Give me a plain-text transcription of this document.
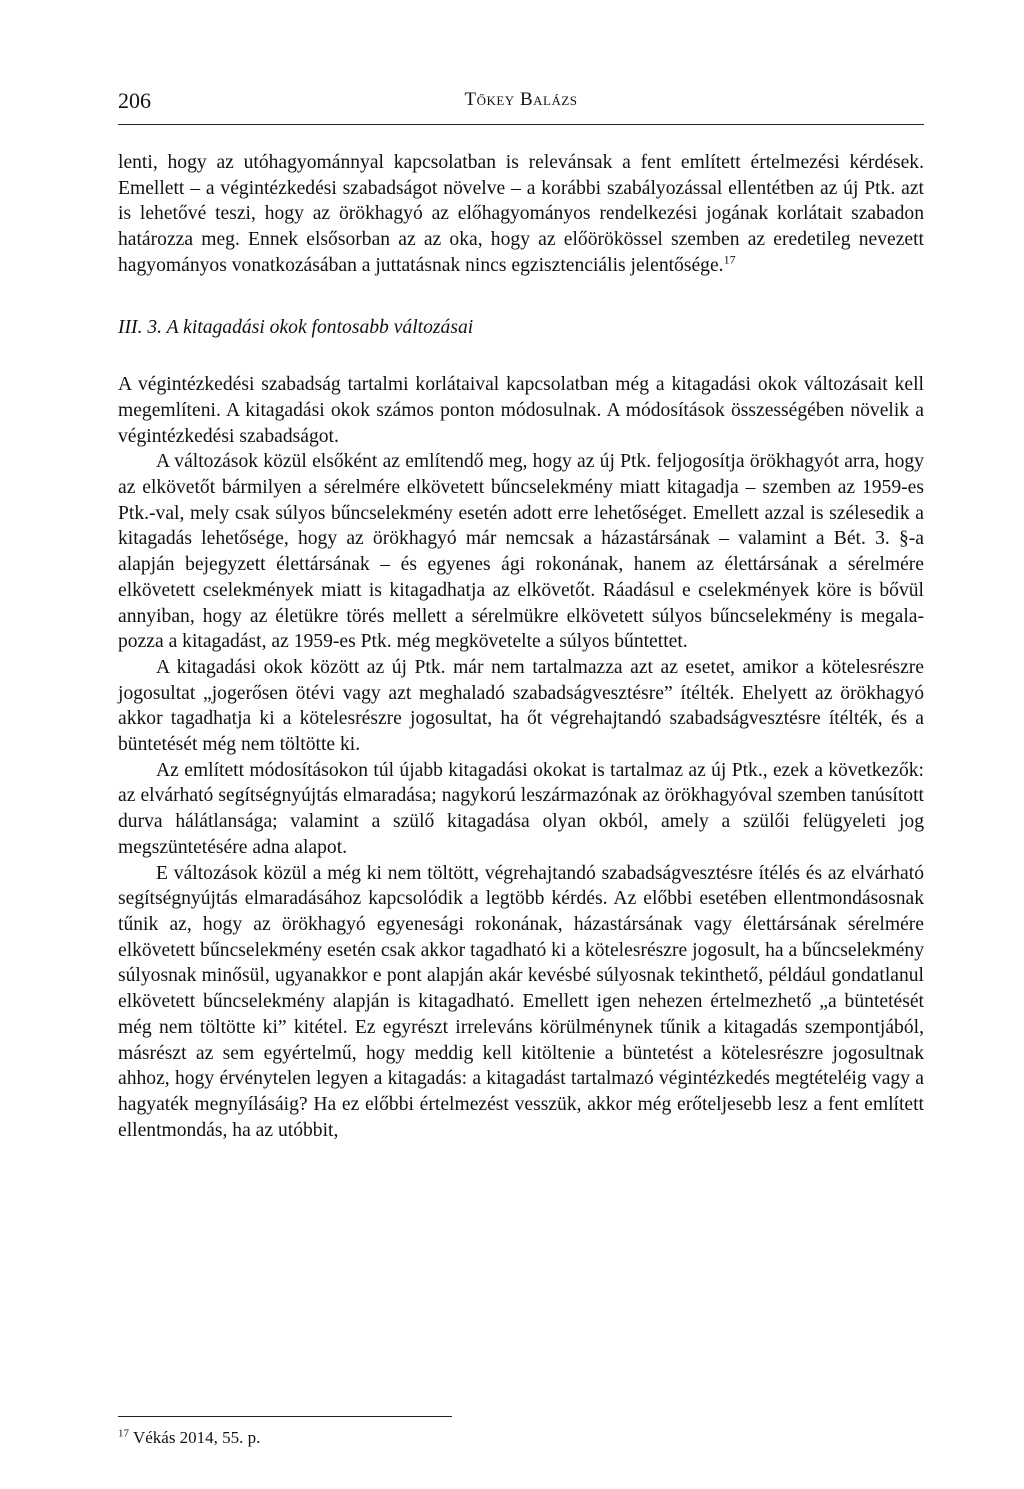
206	Tőkey Balázs

lenti, hogy az utóhagyománnyal kapcsolatban is relevánsak a fent említett értelmezési kérdések. Emellett – a végintézkedési szabadságot növelve – a korábbi szabályozással ellentétben az új Ptk. azt is lehetővé teszi, hogy az örökhagyó az előhagyományos rendelkezési jogának korlátait szabadon határozza meg. Ennek elsősorban az az oka, hogy az előörökössel szemben az eredetileg nevezett hagyományos vonatkozásában a juttatásnak nincs egzisztenciális jelentősége.$^{17}$

III. 3. A kitagadási okok fontosabb változásai

A végintézkedési szabadság tartalmi korlátaival kapcsolatban még a kitagadási okok változásait kell megemlíteni. A kitagadási okok számos ponton módosulnak. A módosítások összességében növelik a végintézkedési szabadságot.

A változások közül elsőként az említendő meg, hogy az új Ptk. feljogosítja örökhagyót arra, hogy az elkövetőt bármilyen a sérelmére elkövetett bűncselekmény miatt kitagadja – szemben az 1959-es Ptk.-val, mely csak súlyos bűncselekmény esetén adott erre lehetőséget. Emellett azzal is szélesedik a kitagadás lehetősége, hogy az örökhagyó már nemcsak a házastársának – valamint a Bét. 3. §-a alapján bejegyzett élettársának – és egyenes ági rokonának, hanem az élettársának a sérelmére elkövetett cselekmények miatt is kitagadhatja az elkövetőt. Ráadásul e cselekmények köre is bővül annyiban, hogy az életükre törés mellett a sérelmükre elkövetett súlyos bűncselekmény is megalapozza a kitagadást, az 1959-es Ptk. még megkövetelte a súlyos bűntettet.

A kitagadási okok között az új Ptk. már nem tartalmazza azt az esetet, amikor a kötelesrészre jogosultat „jogerősen ötévi vagy azt meghaladó szabadságvesztésre” ítélték. Ehelyett az örökhagyó akkor tagadhatja ki a kötelesrészre jogosultat, ha őt végrehajtandó szabadságvesztésre ítélték, és a büntetését még nem töltötte ki.

Az említett módosításokon túl újabb kitagadási okokat is tartalmaz az új Ptk., ezek a következők: az elvárható segítségnyújtás elmaradása; nagykorú leszármazónak az örökhagyóval szemben tanúsított durva hálátlansága; valamint a szülő kitagadása olyan okból, amely a szülői felügyeleti jog megszüntetésére adna alapot.

E változások közül a még ki nem töltött, végrehajtandó szabadságvesztésre ítélés és az elvárható segítségnyújtás elmaradásához kapcsolódik a legtöbb kérdés. Az előbbi esetében ellentmondásosnak tűnik az, hogy az örökhagyó egyenesági rokonának, házastársának vagy élettársának sérelmére elkövetett bűncselekmény esetén csak akkor tagadható ki a kötelesrészre jogosult, ha a bűncselekmény súlyosnak minősül, ugyanakkor e pont alapján akár kevésbé súlyosnak tekinthető, például gondatlanul elkövetett bűncselekmény alapján is kitagadható. Emellett igen nehezen értelmezhető „a büntetését még nem töltötte ki” kitétel. Ez egyrészt irreleváns körülménynek tűnik a kitagadás szempontjából, másrészt az sem egyértelmű, hogy meddig kell kitöltenie a büntetést a kötelesrészre jogosultnak ahhoz, hogy érvénytelen legyen a kitagadás: a kitagadást tartalmazó végintézkedés megtételéig vagy a hagyaték megnyílásáig? Ha ez előbbi értelmezést vesszük, akkor még erőteljesebb lesz a fent említett ellentmondás, ha az utóbbit,

$^{17}$ Vékás 2014, 55. p.
